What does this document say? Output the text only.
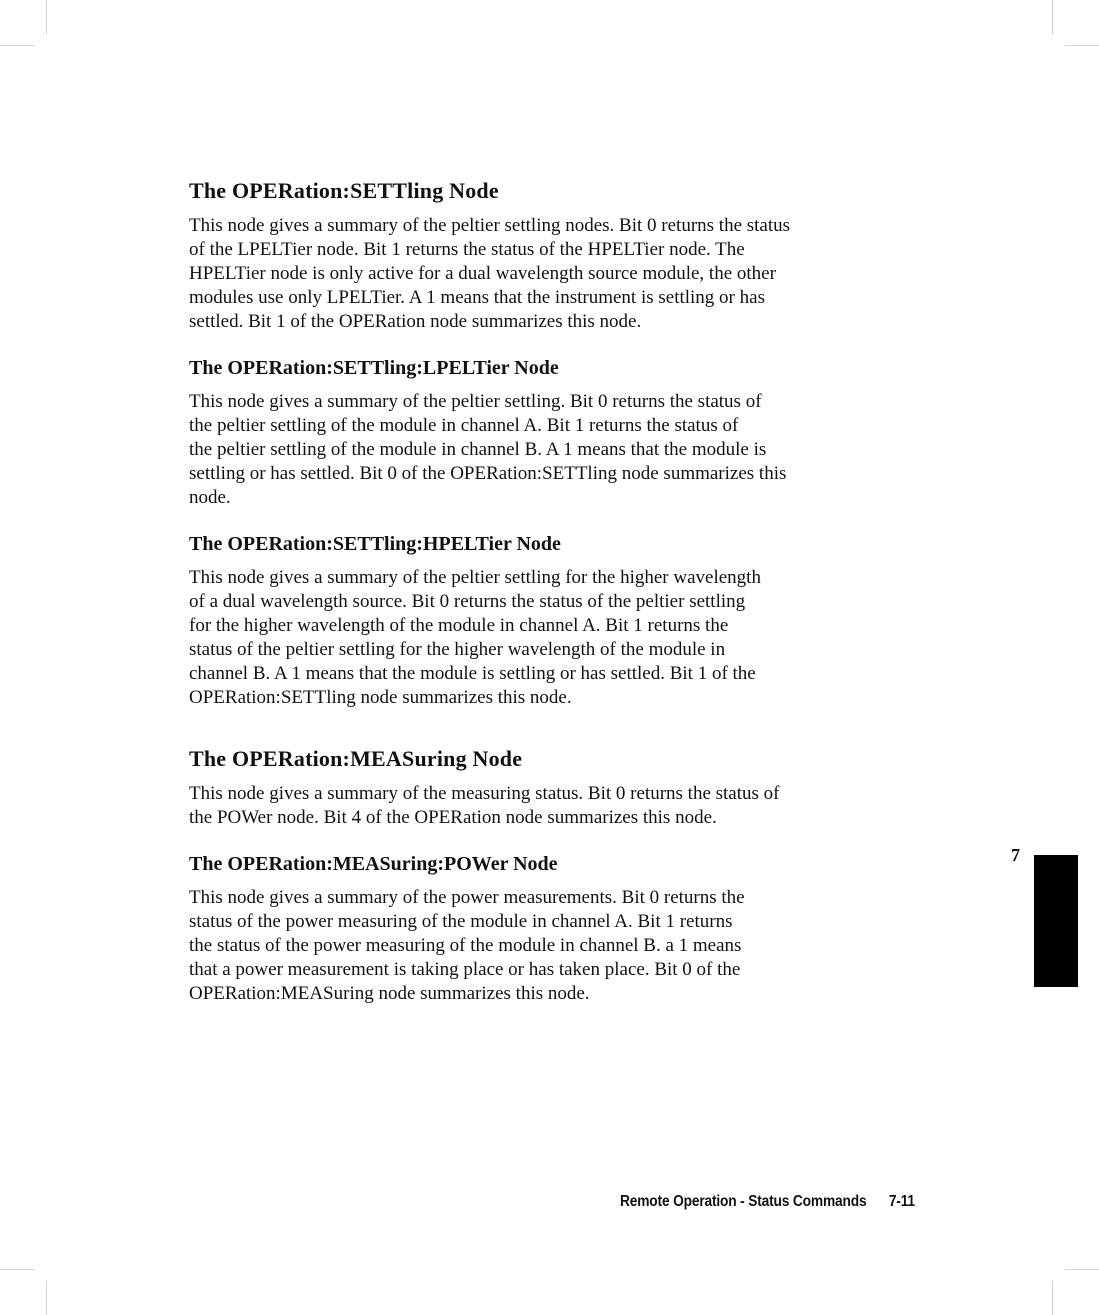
The OPERation:SETTling Node

This node gives a summary of the peltier settling nodes. Bit 0 returns the status
of the LPELTier node. Bit 1 returns the status of the HPELTier node. The
HPELTier node is only active for a dual wavelength source module, the other
modules use only LPELTier. A 1 means that the instrument is settling or has
settled. Bit 1 of the OPERation node summarizes this node.

The OPERation:SETTling:LPELTier Node

This node gives a summary of the peltier settling. Bit 0 returns the status of
the peltier settling of the module in channel A. Bit 1 returns the status of
the peltier settling of the module in channel B. A 1 means that the module is
settling or has settled. Bit 0 of the OPERation:SETTling node summarizes this
node.

The OPERation:SETTling:HPELTier Node

This node gives a summary of the peltier settling for the higher wavelength
of a dual wavelength source. Bit 0 returns the status of the peltier settling
for the higher wavelength of the module in channel A. Bit 1 returns the
status of the peltier settling for the higher wavelength of the module in
channel B. A 1 means that the module is settling or has settled. Bit 1 of the
OPERation:SETTling node summarizes this node.

The OPERation:MEASuring Node

This node gives a summary of the measuring status. Bit 0 returns the status of
the POWer node. Bit 4 of the OPERation node summarizes this node.

The OPERation:MEASuring:POWer Node

This node gives a summary of the power measurements. Bit 0 returns the
status of the power measuring of the module in channel A. Bit 1 returns
the status of the power measuring of the module in channel B. a 1 means
that a power measurement is taking place or has taken place. Bit 0 of the
OPERation:MEASuring node summarizes this node.

7
Remote Operation - Status Commands 7-11
